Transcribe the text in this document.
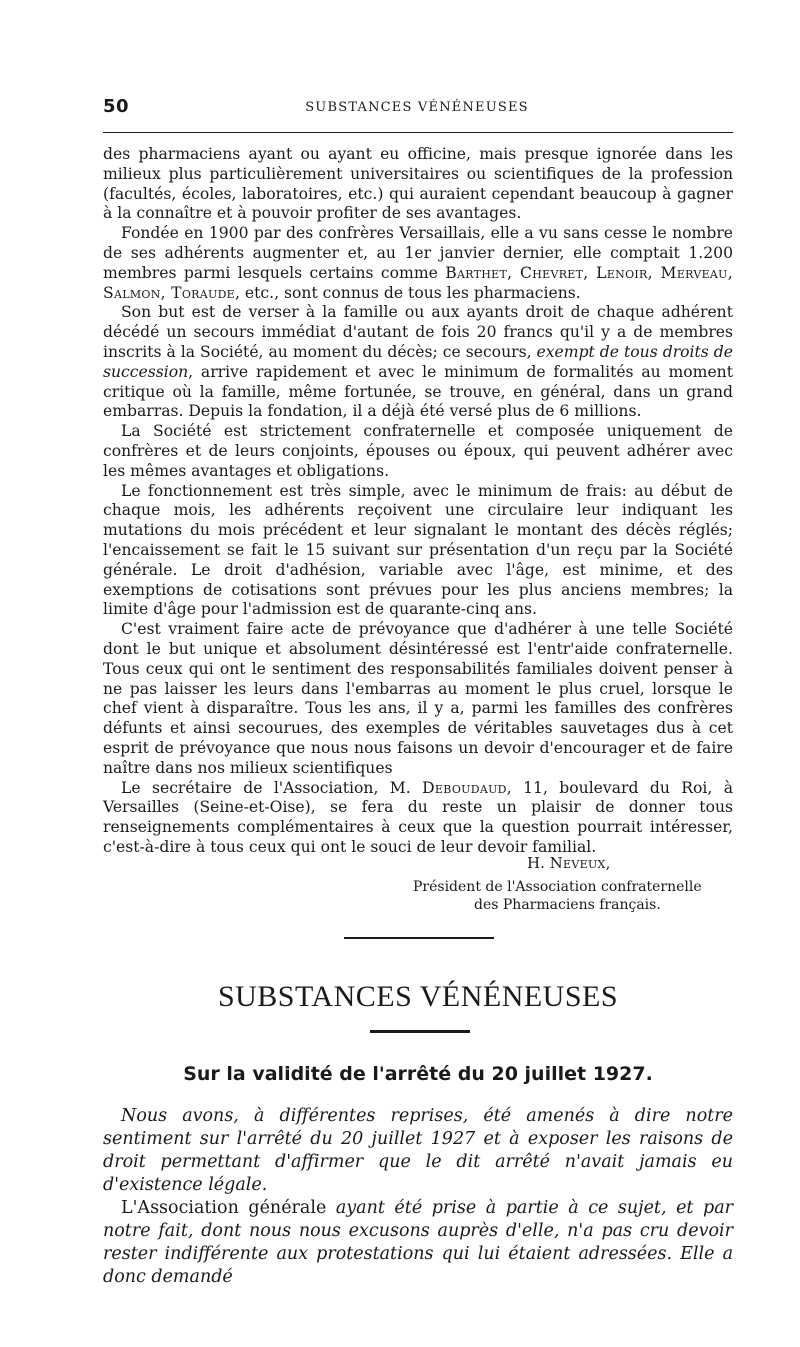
50	SUBSTANCES VÉNÉNEUSES

des pharmaciens ayant ou ayant eu officine, mais presque ignorée dans les milieux plus particulièrement universitaires ou scientifiques de la profession (facultés, écoles, laboratoires, etc.) qui auraient cependant beaucoup à gagner à la connaître et à pouvoir profiter de ses avantages.

Fondée en 1900 par des confrères Versaillais, elle a vu sans cesse le nombre de ses adhérents augmenter et, au 1er janvier dernier, elle comptait 1.200 membres parmi lesquels certains comme Barthet, Chevret, Lenoir, Merveau, Salmon, Toraude, etc., sont connus de tous les pharmaciens.

Son but est de verser à la famille ou aux ayants droit de chaque adhérent décédé un secours immédiat d'autant de fois 20 francs qu'il y a de membres inscrits à la Société, au moment du décès; ce secours, exempt de tous droits de succession, arrive rapidement et avec le minimum de formalités au moment critique où la famille, même fortunée, se trouve, en général, dans un grand embarras. Depuis la fondation, il a déjà été versé plus de 6 millions.

La Société est strictement confraternelle et composée uniquement de confrères et de leurs conjoints, épouses ou époux, qui peuvent adhérer avec les mêmes avantages et obligations.

Le fonctionnement est très simple, avec le minimum de frais: au début de chaque mois, les adhérents reçoivent une circulaire leur indiquant les mutations du mois précédent et leur signalant le montant des décès réglés; l'encaissement se fait le 15 suivant sur présentation d'un reçu par la Société générale. Le droit d'adhésion, variable avec l'âge, est minime, et des exemptions de cotisations sont prévues pour les plus anciens membres; la limite d'âge pour l'admission est de quarante-cinq ans.

C'est vraiment faire acte de prévoyance que d'adhérer à une telle Société dont le but unique et absolument désintéressé est l'entr'aide confraternelle. Tous ceux qui ont le sentiment des responsabilités familiales doivent penser à ne pas laisser les leurs dans l'embarras au moment le plus cruel, lorsque le chef vient à disparaître. Tous les ans, il y a, parmi les familles des confrères défunts et ainsi secourues, des exemples de véritables sauvetages dus à cet esprit de prévoyance que nous nous faisons un devoir d'encourager et de faire naître dans nos milieux scientifiques

Le secrétaire de l'Association, M. Deboudaud, 11, boulevard du Roi, à Versailles (Seine-et-Oise), se fera du reste un plaisir de donner tous renseignements complémentaires à ceux que la question pourrait intéresser, c'est-à-dire à tous ceux qui ont le souci de leur devoir familial.

H. Neveux,
Président de l'Association confraternelle
des Pharmaciens français.
SUBSTANCES VÉNÉNEUSES
Sur la validité de l'arrêté du 20 juillet 1927.

Nous avons, à différentes reprises, été amenés à dire notre sentiment sur l'arrêté du 20 juillet 1927 et à exposer les raisons de droit permettant d'affirmer que le dit arrêté n'avait jamais eu d'existence légale.

L'Association générale ayant été prise à partie à ce sujet, et par notre fait, dont nous nous excusons auprès d'elle, n'a pas cru devoir rester indifférente aux protestations qui lui étaient adressées. Elle a donc demandé
